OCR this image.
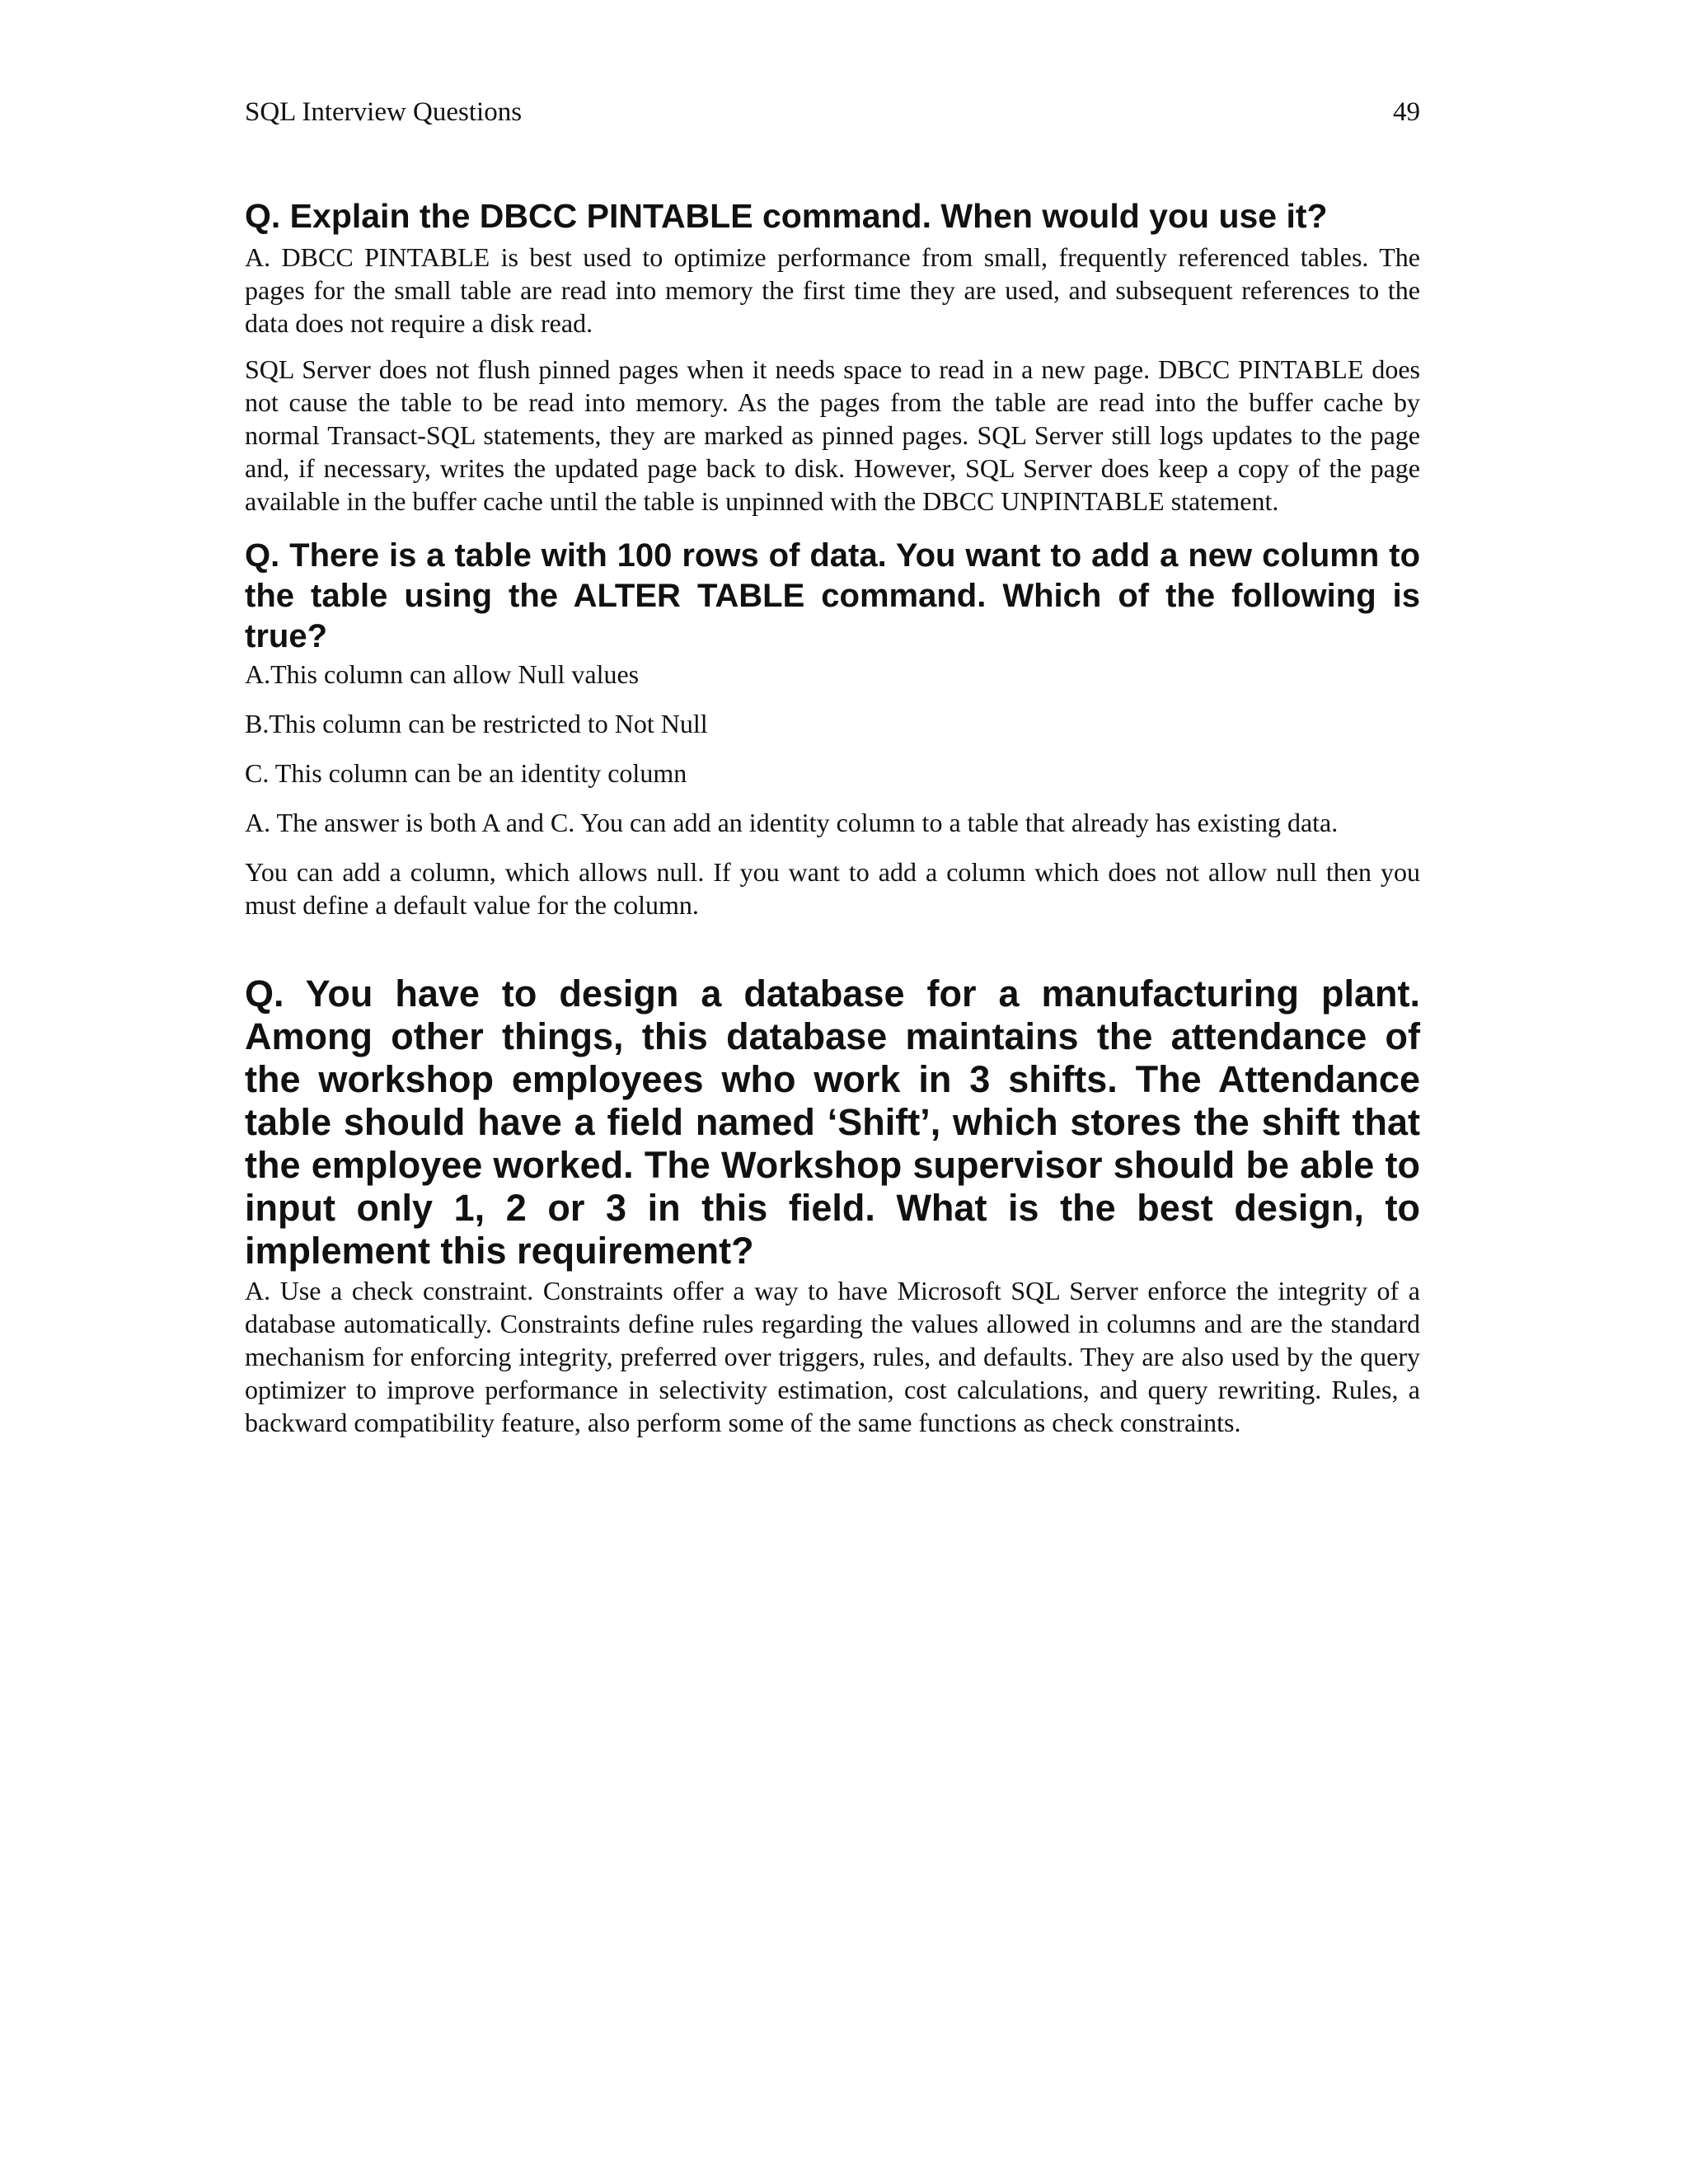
SQL Interview Questions	49
Q. Explain the DBCC PINTABLE command. When would you use it?

A. DBCC PINTABLE is best used to optimize performance from small, frequently referenced tables. The pages for the small table are read into memory the first time they are used, and subsequent references to the data does not require a disk read.

SQL Server does not flush pinned pages when it needs space to read in a new page. DBCC PINTABLE does not cause the table to be read into memory. As the pages from the table are read into the buffer cache by normal Transact-SQL statements, they are marked as pinned pages. SQL Server still logs updates to the page and, if necessary, writes the updated page back to disk. However, SQL Server does keep a copy of the page available in the buffer cache until the table is unpinned with the DBCC UNPINTABLE statement.

Q. There is a table with 100 rows of data. You want to add a new column to the table using the ALTER TABLE command. Which of the following is true?

A.This column can allow Null values

B.This column can be restricted to Not Null

C. This column can be an identity column

A. The answer is both A and C. You can add an identity column to a table that already has existing data.

You can add a column, which allows null. If you want to add a column which does not allow null then you must define a default value for the column.

Q. You have to design a database for a manufacturing plant. Among other things, this database maintains the attendance of the workshop employees who work in 3 shifts. The Attendance table should have a field named ‘Shift’, which stores the shift that the employee worked. The Workshop supervisor should be able to input only 1, 2 or 3 in this field. What is the best design, to implement this requirement?

A. Use a check constraint. Constraints offer a way to have Microsoft SQL Server enforce the integrity of a database automatically. Constraints define rules regarding the values allowed in columns and are the standard mechanism for enforcing integrity, preferred over triggers, rules, and defaults. They are also used by the query optimizer to improve performance in selectivity estimation, cost calculations, and query rewriting. Rules, a backward compatibility feature, also perform some of the same functions as check constraints.
